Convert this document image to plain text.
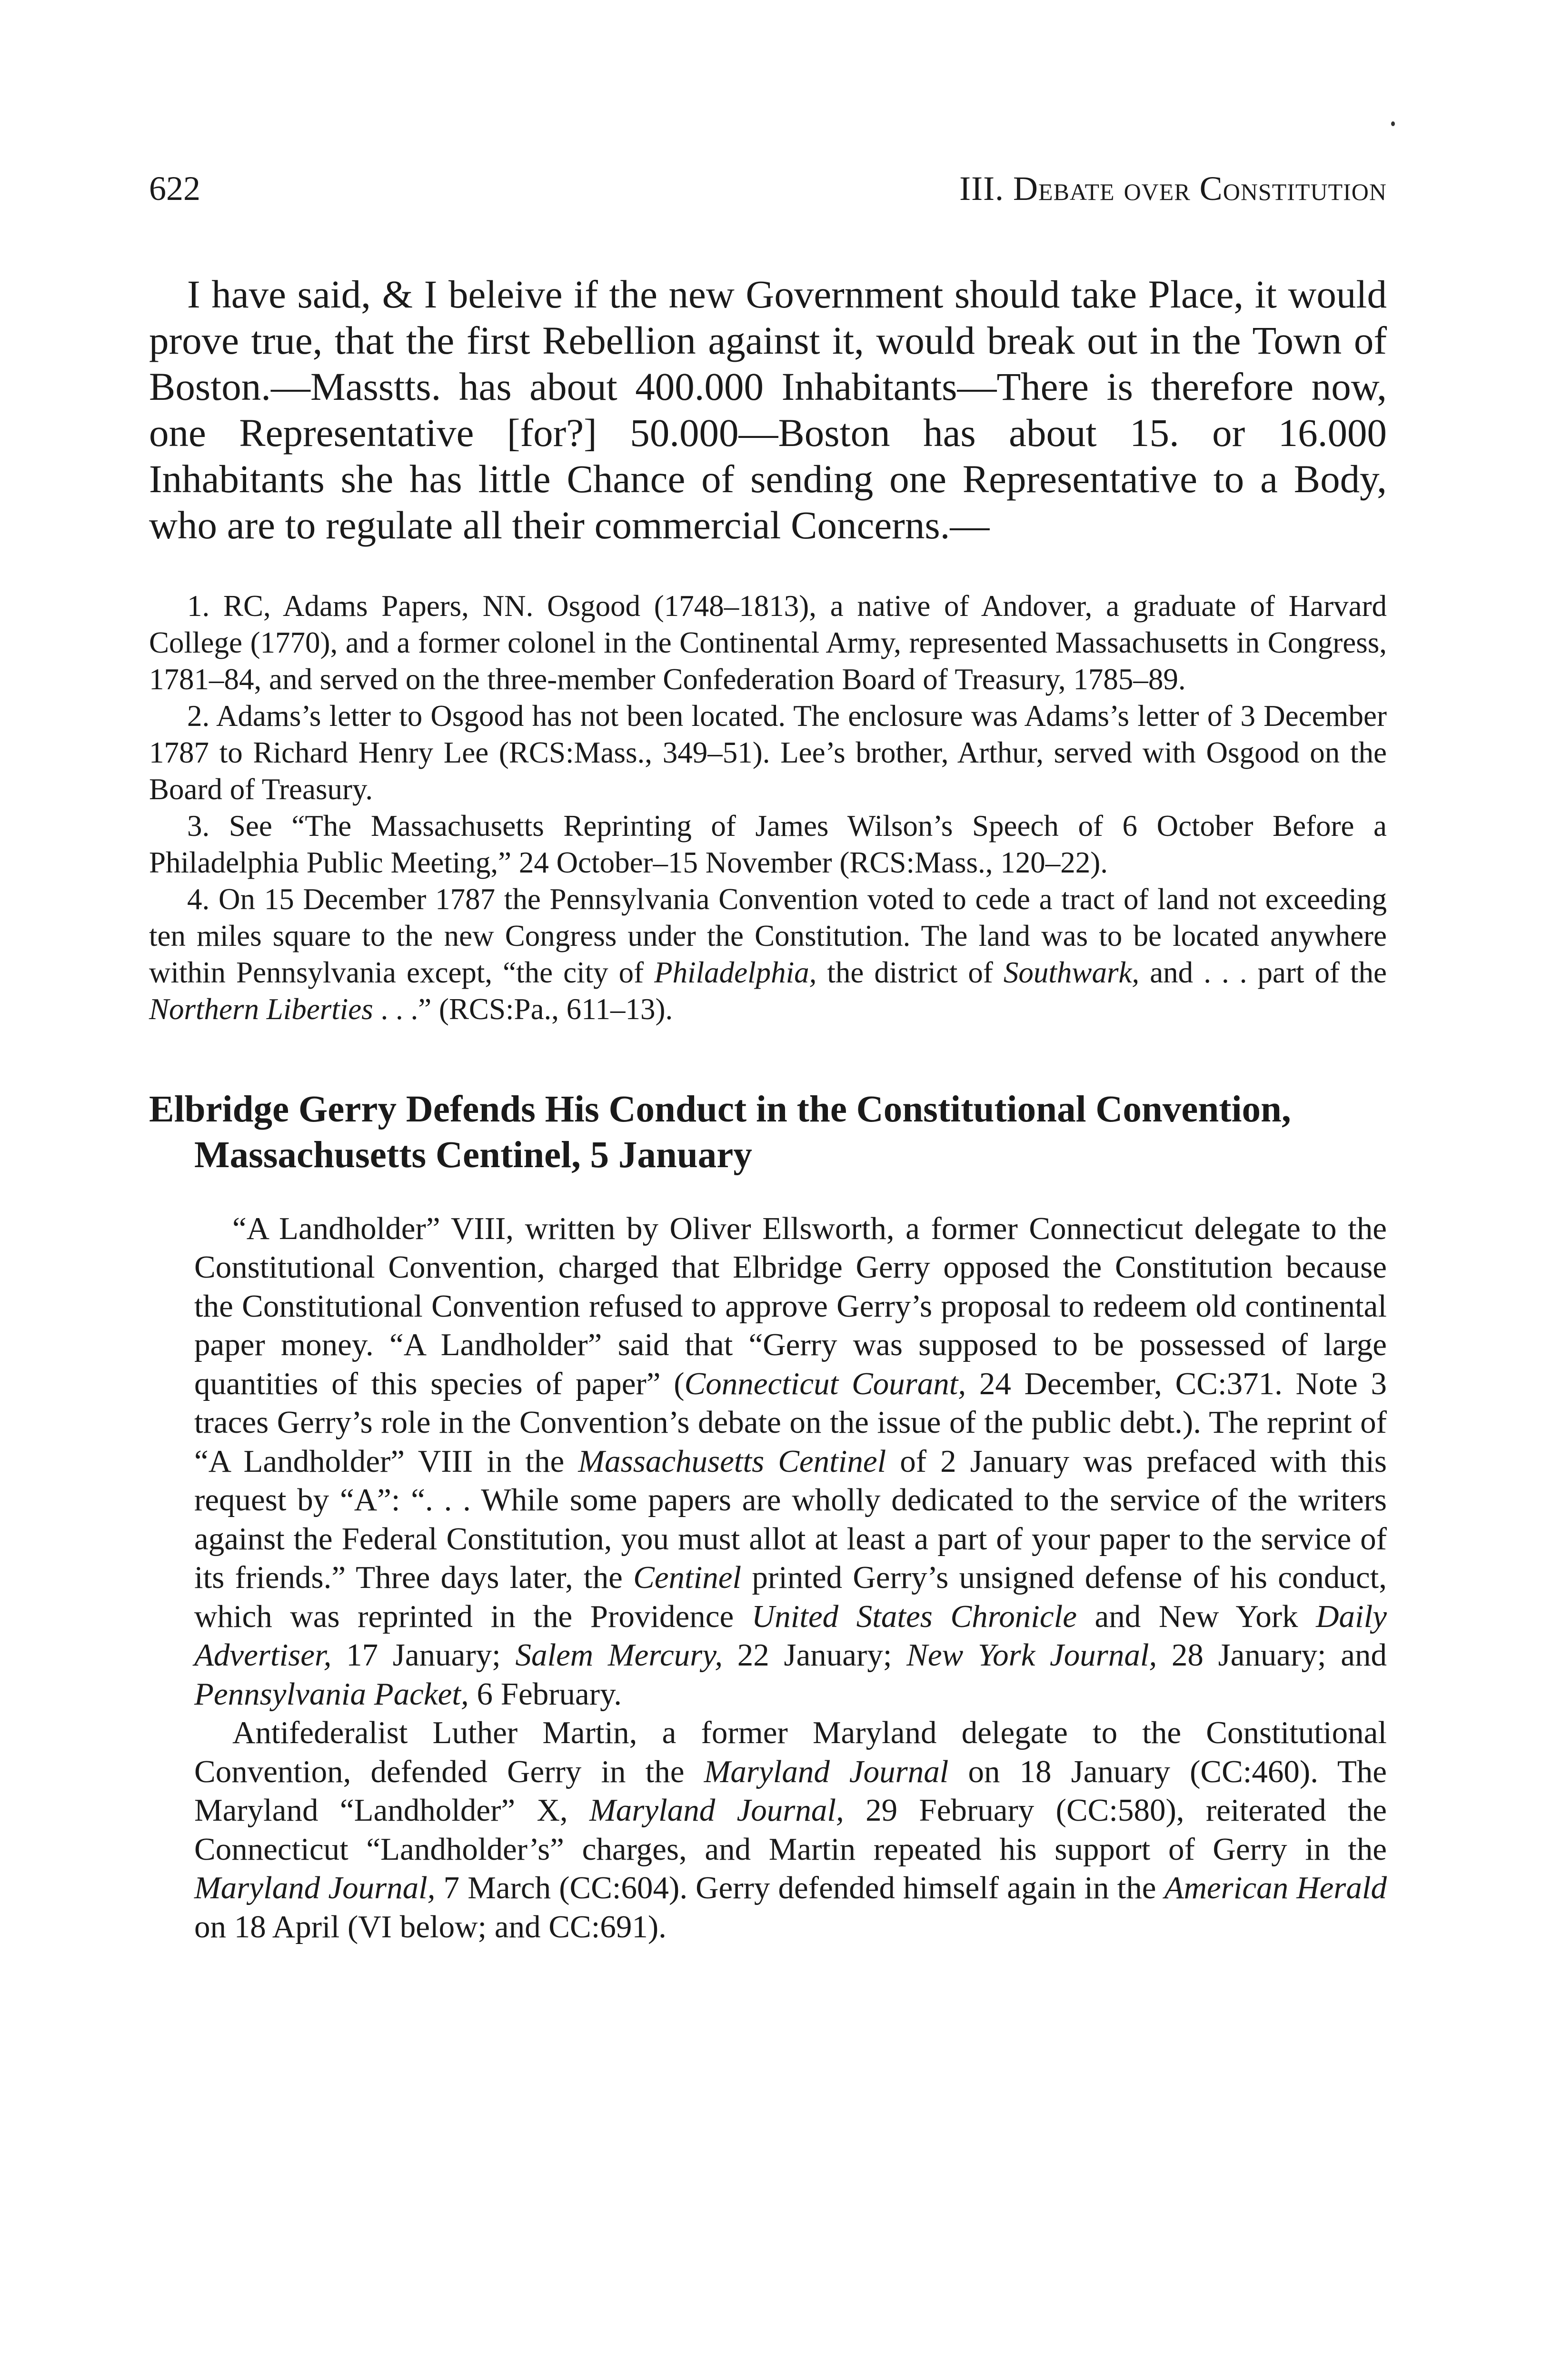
622	III. Debate over Constitution

I have said, & I beleive if the new Government should take Place, it would prove true, that the first Rebellion against it, would break out in the Town of Boston.—Masstts. has about 400.000 Inhabitants—There is therefore now, one Representative [for?] 50.000—Boston has about 15. or 16.000 Inhabitants she has little Chance of sending one Representative to a Body, who are to regulate all their commercial Concerns.—

1. RC, Adams Papers, NN. Osgood (1748–1813), a native of Andover, a graduate of Harvard College (1770), and a former colonel in the Continental Army, represented Massachusetts in Congress, 1781–84, and served on the three-member Confederation Board of Treasury, 1785–89.

2. Adams’s letter to Osgood has not been located. The enclosure was Adams’s letter of 3 December 1787 to Richard Henry Lee (RCS:Mass., 349–51). Lee’s brother, Arthur, served with Osgood on the Board of Treasury.

3. See “The Massachusetts Reprinting of James Wilson’s Speech of 6 October Before a Philadelphia Public Meeting,” 24 October–15 November (RCS:Mass., 120–22).

4. On 15 December 1787 the Pennsylvania Convention voted to cede a tract of land not exceeding ten miles square to the new Congress under the Constitution. The land was to be located anywhere within Pennsylvania except, “the city of Philadelphia, the district of Southwark, and . . . part of the Northern Liberties . . .” (RCS:Pa., 611–13).

Elbridge Gerry Defends His Conduct in the Constitutional Convention, Massachusetts Centinel, 5 January

“A Landholder” VIII, written by Oliver Ellsworth, a former Connecticut delegate to the Constitutional Convention, charged that Elbridge Gerry opposed the Constitution because the Constitutional Convention refused to approve Gerry’s proposal to redeem old continental paper money. “A Landholder” said that “Gerry was supposed to be possessed of large quantities of this species of paper” (Connecticut Courant, 24 December, CC:371. Note 3 traces Gerry’s role in the Convention’s debate on the issue of the public debt.). The reprint of “A Landholder” VIII in the Massachusetts Centinel of 2 January was prefaced with this request by “A”: “. . . While some papers are wholly dedicated to the service of the writers against the Federal Constitution, you must allot at least a part of your paper to the service of its friends.” Three days later, the Centinel printed Gerry’s unsigned defense of his conduct, which was reprinted in the Providence United States Chronicle and New York Daily Advertiser, 17 January; Salem Mercury, 22 January; New York Journal, 28 January; and Pennsylvania Packet, 6 February.

Antifederalist Luther Martin, a former Maryland delegate to the Constitutional Convention, defended Gerry in the Maryland Journal on 18 January (CC:460). The Maryland “Landholder” X, Maryland Journal, 29 February (CC:580), reiterated the Connecticut “Landholder’s” charges, and Martin repeated his support of Gerry in the Maryland Journal, 7 March (CC:604). Gerry defended himself again in the American Herald on 18 April (VI below; and CC:691).
